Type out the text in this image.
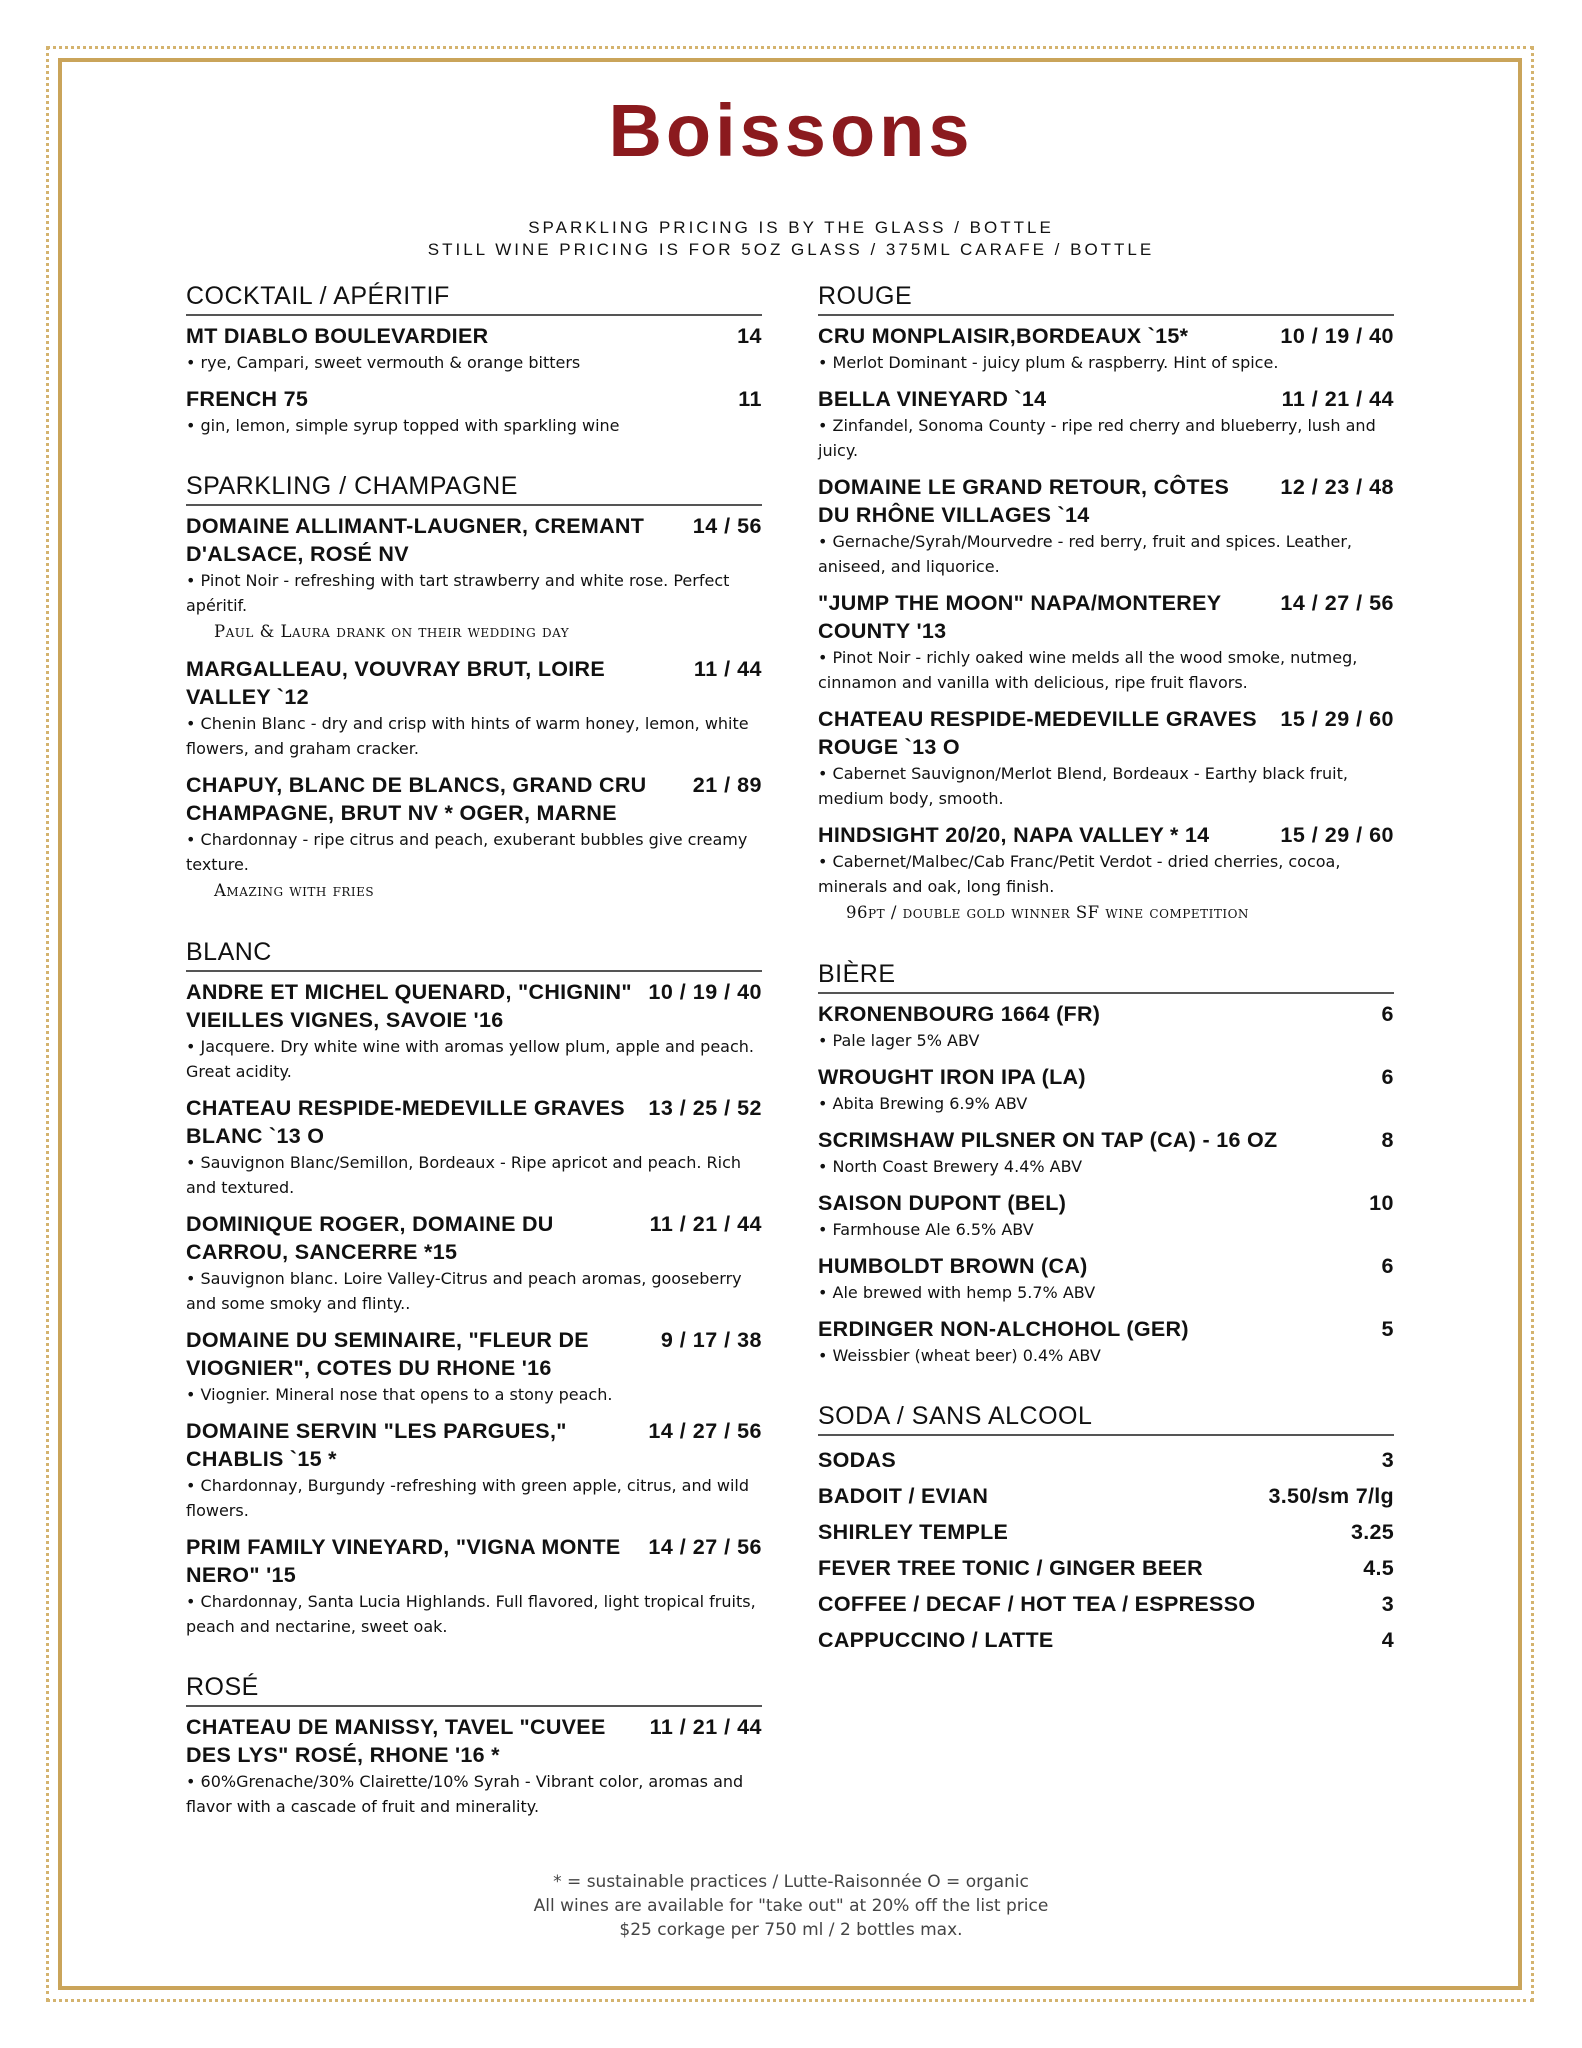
Boissons
SPARKLING PRICING IS BY THE GLASS / BOTTLE
STILL WINE PRICING IS FOR 5OZ GLASS / 375ML CARAFE / BOTTLE
COCKTAIL / APÉRITIF
MT DIABLO BOULEVARDIER	14
• rye, Campari, sweet vermouth & orange bitters
FRENCH 75	11
• gin, lemon, simple syrup topped with sparkling wine
SPARKLING / CHAMPAGNE
DOMAINE ALLIMANT-LAUGNER, CREMANT D'ALSACE, ROSÉ NV
14 / 56
• Pinot Noir - refreshing with tart strawberry and white rose. Perfect apéritif.
Paul & Laura drank on their wedding day
MARGALLEAU, VOUVRAY BRUT, LOIRE VALLEY `12
11 / 44
• Chenin Blanc - dry and crisp with hints of warm honey, lemon, white flowers, and graham cracker.
CHAPUY, BLANC DE BLANCS, GRAND CRU CHAMPAGNE, BRUT NV * OGER, MARNE
21 / 89
• Chardonnay - ripe citrus and peach, exuberant bubbles give creamy texture.
Amazing with fries
BLANC
ANDRE ET MICHEL QUENARD, "CHIGNIN" VIEILLES VIGNES, SAVOIE '16
10 / 19 / 40
• Jacquere. Dry white wine with aromas yellow plum, apple and peach. Great acidity.
CHATEAU RESPIDE-MEDEVILLE GRAVES BLANC `13 O
13 / 25 / 52
• Sauvignon Blanc/Semillon, Bordeaux - Ripe apricot and peach. Rich and textured.
DOMINIQUE ROGER, DOMAINE DU CARROU, SANCERRE *15
11 / 21 / 44
• Sauvignon blanc. Loire Valley-Citrus and peach aromas, gooseberry and some smoky and flinty..
DOMAINE DU SEMINAIRE, "FLEUR DE VIOGNIER", COTES DU RHONE '16
9 / 17 / 38
• Viognier. Mineral nose that opens to a stony peach.
DOMAINE SERVIN "LES PARGUES," CHABLIS `15 *
14 / 27 / 56
• Chardonnay, Burgundy -refreshing with green apple, citrus, and wild flowers.
PRIM FAMILY VINEYARD, "VIGNA MONTE NERO" '15
14 / 27 / 56
• Chardonnay, Santa Lucia Highlands. Full flavored, light tropical fruits, peach and nectarine, sweet oak.
ROSÉ
CHATEAU DE MANISSY, TAVEL "CUVEE DES LYS" ROSÉ, RHONE '16 *
11 / 21 / 44
• 60%Grenache/30% Clairette/10% Syrah - Vibrant color, aromas and flavor with a cascade of fruit and minerality.
ROUGE
CRU MONPLAISIR,BORDEAUX `15*	10 / 19 / 40
• Merlot Dominant - juicy plum & raspberry. Hint of spice.
BELLA VINEYARD `14	11 / 21 / 44
• Zinfandel, Sonoma County - ripe red cherry and blueberry, lush and juicy.
DOMAINE LE GRAND RETOUR, CÔTES DU RHÔNE VILLAGES `14
12 / 23 / 48
• Gernache/Syrah/Mourvedre - red berry, fruit and spices. Leather, aniseed, and liquorice.
"JUMP THE MOON" NAPA/MONTEREY COUNTY '13
14 / 27 / 56
• Pinot Noir - richly oaked wine melds all the wood smoke, nutmeg, cinnamon and vanilla with delicious, ripe fruit flavors.
CHATEAU RESPIDE-MEDEVILLE GRAVES ROUGE `13 O
15 / 29 / 60
• Cabernet Sauvignon/Merlot Blend, Bordeaux - Earthy black fruit, medium body, smooth.
HINDSIGHT 20/20, NAPA VALLEY * 14	15 / 29 / 60
• Cabernet/Malbec/Cab Franc/Petit Verdot - dried cherries, cocoa, minerals and oak, long finish.
96pt / double gold winner SF wine competition
BIÈRE
KRONENBOURG 1664 (FR)	6
• Pale lager 5% ABV
WROUGHT IRON IPA (LA)	6
• Abita Brewing 6.9% ABV
SCRIMSHAW PILSNER ON TAP (CA) - 16 OZ	8
• North Coast Brewery 4.4% ABV
SAISON DUPONT (BEL)	10
• Farmhouse Ale 6.5% ABV
HUMBOLDT BROWN (CA)	6
• Ale brewed with hemp 5.7% ABV
ERDINGER NON-ALCHOHOL (GER)	5
• Weissbier (wheat beer) 0.4% ABV
SODA / SANS ALCOOL
SODAS	3
BADOIT / EVIAN	3.50/sm 7/lg
SHIRLEY TEMPLE	3.25
FEVER TREE TONIC / GINGER BEER	4.5
COFFEE / DECAF / HOT TEA / ESPRESSO	3
CAPPUCCINO / LATTE	4
* = sustainable practices / Lutte-Raisonnée O = organic
All wines are available for "take out" at 20% off the list price
$25 corkage per 750 ml / 2 bottles max.
